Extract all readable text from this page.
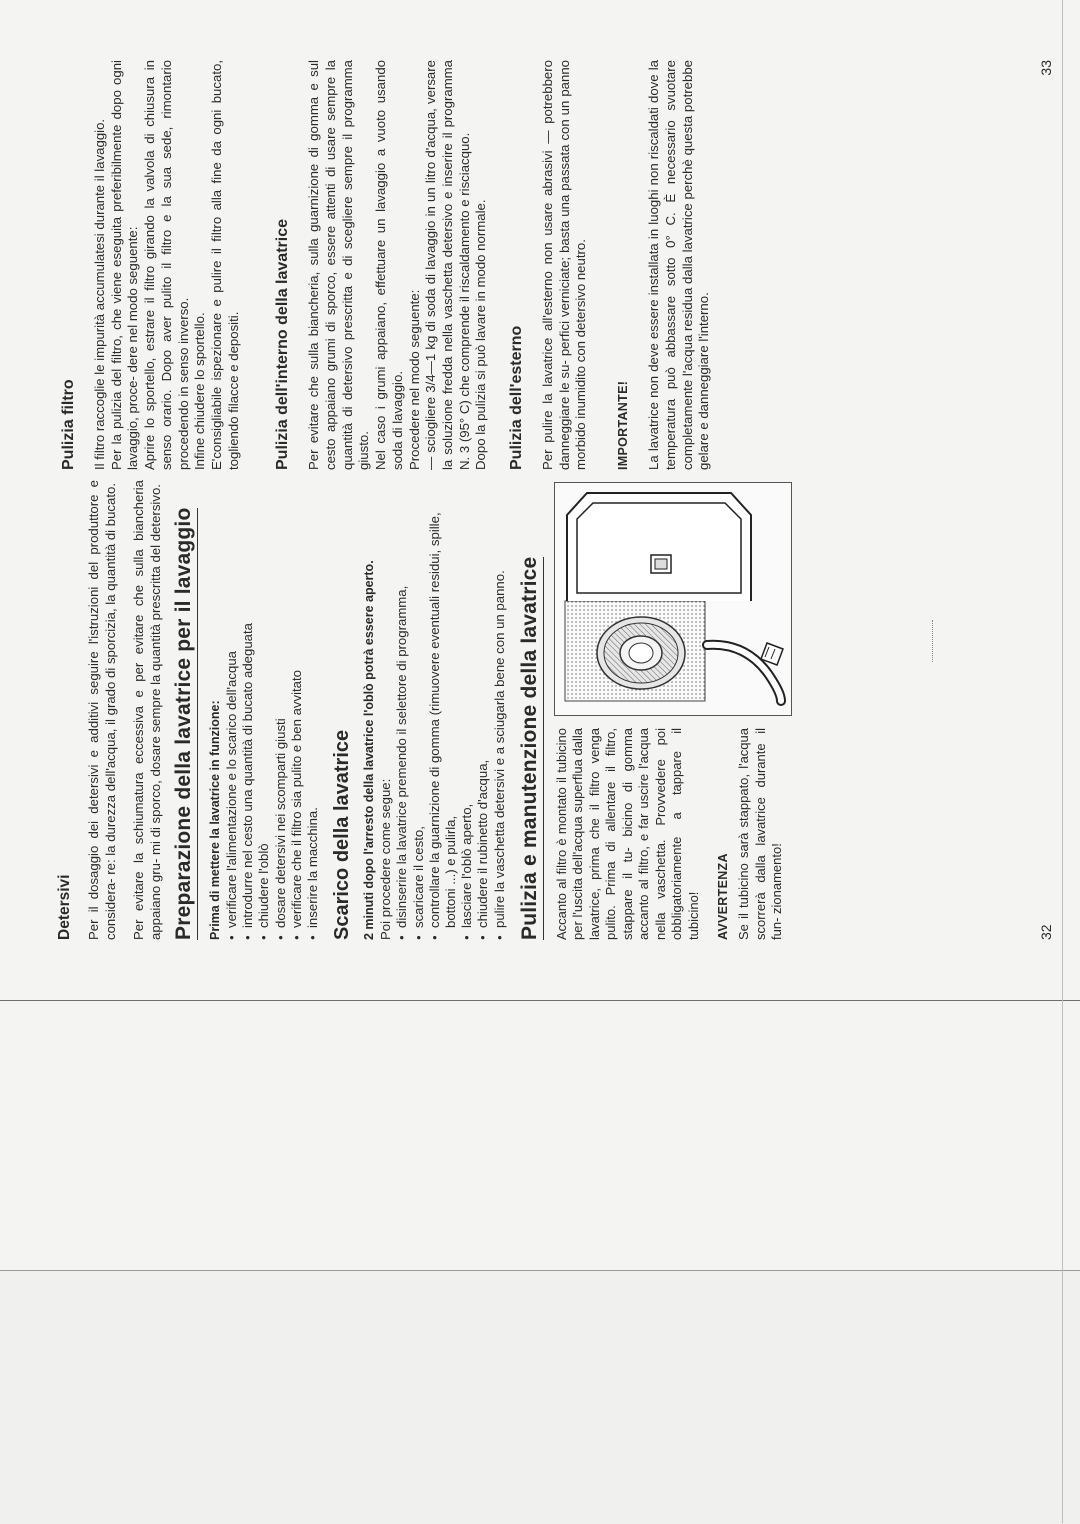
Detersivi Per il dosaggio dei detersivi e additivi seguire l'istruzioni del produttore e considera- re: la durezza dell'acqua, il grado di sporcizia, la quantità di bucato. Per evitare la schiumatura eccessiva e per evitare che sulla biancheria appaiano gru- mi di sporco, dosare sempre la quantità prescritta del detersivo. Preparazione della lavatrice per il lavaggio Prima di mettere la lavatrice in funzione: ● verificare l'alimentazione e lo scarico dell'acqua ● introdurre nel cesto una quantità di bucato adeguata ● chiudere l'oblò ● dosare detersivi nei scomparti giusti ● verificare che il filtro sia pulito e ben avvitato ● inserire la macchina. Scarico della lavatrice 2 minuti dopo l'arresto della lavatrice l'oblò potrà essere aperto. Poi procedere come segue: ● disinserire la lavatrice premendo il selettore di programma, ● scaricare il cesto, ● controllare la guarnizione di gomma (rimuovere eventuali residui, spille, bottoni ...) e pulirla, ● lasciare l'oblò aperto, ● chiudere il rubinetto d'acqua, ● pulire la vaschetta detersivi e a sciugarla bene con un panno. Pulizia e manutenzione della lavatrice Accanto al filtro è montato il tubicino per l'uscita dell'acqua superflua dalla lavatrice, prima che il filtro venga pulito. Prima di allentare il filtro, stappare il tu- bicino di gomma accanto al filtro, e far uscire l'acqua nella vaschetta. Provvedere poi obbligatoriamente a tappare il tubicino! AVVERTENZA Se il tubicino sarà stappato, l'acqua scorrerà dalla lavatrice durante il fun- zionamento!	32
Pulizia filtro Il filtro raccoglie le impurità accumulatesi durante il lavaggio. Per la pulizia del filtro, che viene eseguita preferibilmente dopo ogni lavaggio, proce- dere nel modo seguente: Aprire lo sportello, estrare il filtro girando la valvola di chiusura in senso orario. Dopo aver pulito il filtro e la sua sede, rimontario procedendo in senso inverso. Infine chiudere lo sportello. E'consigliabile ispezionare e pulire il filtro alla fine da ogni bucato, togliendo filacce e depositi. Pulizia dell'interno della lavatrice Per evitare che sulla biancheria, sulla guarnizione di gomma e sul cesto appaiano grumi di sporco, essere attenti di usare sempre la quantità di detersivo prescritta e di scegliere sempre il programma giusto. Nel caso i grumi appaiano, effettuare un lavaggio a vuoto usando soda di lavaggio. Procedere nel modo seguente: — sciogliere 3/4—1 kg di soda di lavaggio in un litro d'acqua, versare la soluzione fredda nella vaschetta detersivo e inserire il programma N. 3 (95° C) che comprende il riscaldamento e risciacquo. Dopo la pulizia si può lavare in modo normale. Pulizia dell'esterno Per pulire la lavatrice all'esterno non usare abrasivi — potrebbero danneggiare le su- perfici verniciate; basta una passata con un panno morbido inumidito con detersivo neutro. IMPORTANTE! La lavatrice non deve essere installata in luoghi non riscaldati dove la temperatura può abbassare sotto 0° C. È necessario svuotare completamente l'acqua residua dalla lavatrice perchè questa potrebbe gelare e danneggiare l'interno.

33
